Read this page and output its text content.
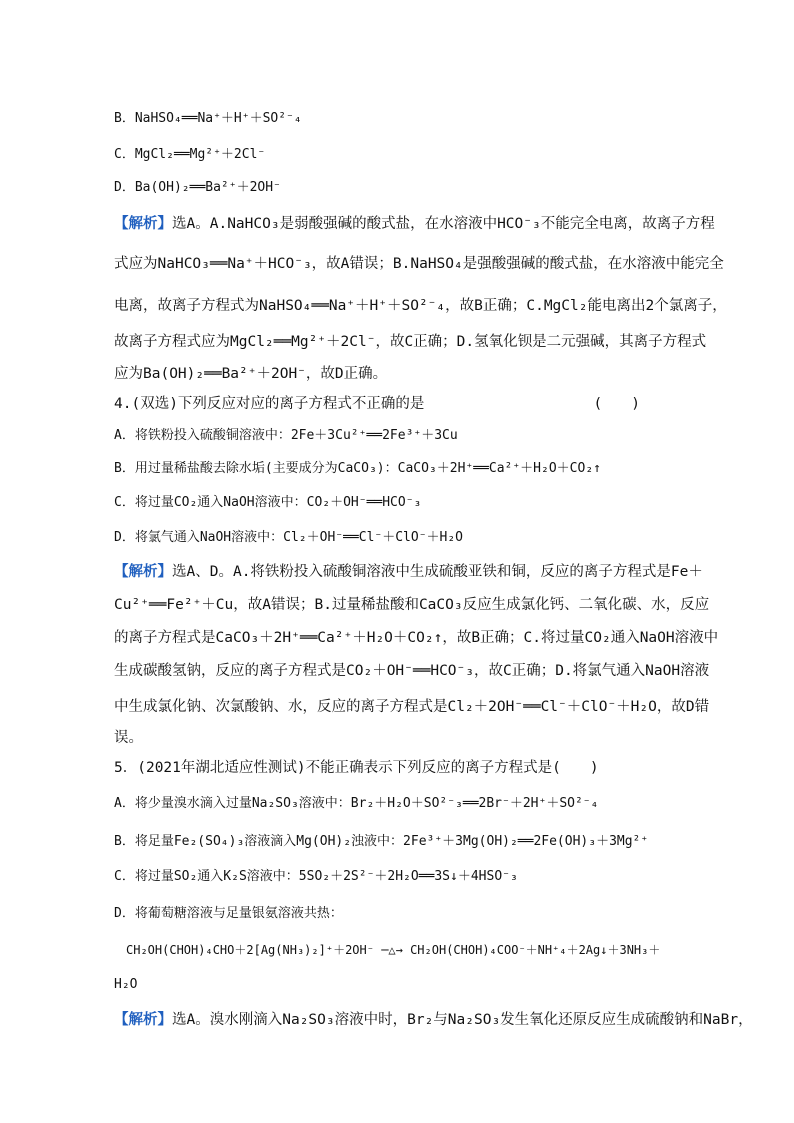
B．NaHSO₄══Na⁺＋H⁺＋SO²⁻₄
C．MgCl₂══Mg²⁺＋2Cl⁻
D．Ba(OH)₂══Ba²⁺＋2OH⁻
【解析】选A。A.NaHCO₃是弱酸强碱的酸式盐，在水溶液中HCO⁻₃不能完全电离，故离子方程
式应为NaHCO₃══Na⁺＋HCO⁻₃，故A错误；B.NaHSO₄是强酸强碱的酸式盐，在水溶液中能完全
电离，故离子方程式为NaHSO₄══Na⁺＋H⁺＋SO²⁻₄，故B正确；C.MgCl₂能电离出2个氯离子，
故离子方程式应为MgCl₂══Mg²⁺＋2Cl⁻，故C正确；D.氢氧化钡是二元强碱，其离子方程式
应为Ba(OH)₂══Ba²⁺＋2OH⁻，故D正确。
4.(双选)下列反应对应的离子方程式不正确的是	(　　)
A．将铁粉投入硫酸铜溶液中：2Fe＋3Cu²⁺══2Fe³⁺＋3Cu
B．用过量稀盐酸去除水垢(主要成分为CaCO₃)：CaCO₃＋2H⁺══Ca²⁺＋H₂O＋CO₂↑
C．将过量CO₂通入NaOH溶液中：CO₂＋OH⁻══HCO⁻₃
D．将氯气通入NaOH溶液中：Cl₂＋OH⁻══Cl⁻＋ClO⁻＋H₂O
【解析】选A、D。A.将铁粉投入硫酸铜溶液中生成硫酸亚铁和铜，反应的离子方程式是Fe＋
Cu²⁺══Fe²⁺＋Cu，故A错误；B.过量稀盐酸和CaCO₃反应生成氯化钙、二氧化碳、水，反应
的离子方程式是CaCO₃＋2H⁺══Ca²⁺＋H₂O＋CO₂↑，故B正确；C.将过量CO₂通入NaOH溶液中
生成碳酸氢钠，反应的离子方程式是CO₂＋OH⁻══HCO⁻₃，故C正确；D.将氯气通入NaOH溶液
中生成氯化钠、次氯酸钠、水，反应的离子方程式是Cl₂＋2OH⁻══Cl⁻＋ClO⁻＋H₂O，故D错
误。
5．(2021年湖北适应性测试)不能正确表示下列反应的离子方程式是(　　)
A．将少量溴水滴入过量Na₂SO₃溶液中：Br₂＋H₂O＋SO²⁻₃══2Br⁻＋2H⁺＋SO²⁻₄
B．将足量Fe₂(SO₄)₃溶液滴入Mg(OH)₂浊液中：2Fe³⁺＋3Mg(OH)₂══2Fe(OH)₃＋3Mg²⁺
C．将过量SO₂通入K₂S溶液中：5SO₂＋2S²⁻＋2H₂O══3S↓＋4HSO⁻₃
D．将葡萄糖溶液与足量银氨溶液共热：
CH₂OH(CHOH)₄CHO＋2[Ag(NH₃)₂]⁺＋2OH⁻ ─△→ CH₂OH(CHOH)₄COO⁻＋NH⁺₄＋2Ag↓＋3NH₃＋
H₂O
【解析】选A。溴水刚滴入Na₂SO₃溶液中时，Br₂与Na₂SO₃发生氧化还原反应生成硫酸钠和NaBr，
